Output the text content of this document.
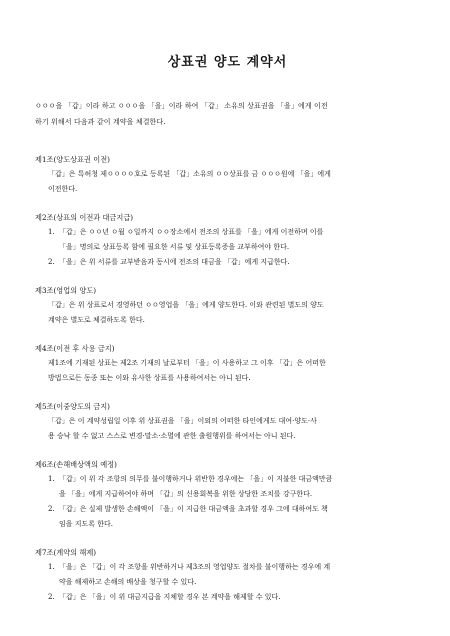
상표권 양도 계약서

ㅇㅇㅇ을 「갑」이라 하고 ㅇㅇㅇ을 「을」이라 하여 「갑」 소유의 상표권을 「을」에게 이전

하기 위해서 다음과 같이 계약을 체결한다.

제1조(양도상표권 이전)

「갑」은 특허청 제ㅇㅇㅇㅇ호로 등록된 「갑」소유의 ㅇㅇ상표를 금 ㅇㅇㅇ원에 「을」에게

이전한다.

제2조(상표의 이전과 대금지급)

1. 「갑」은 ㅇㅇ년 ㅇ월 ㅇ일까지 ㅇㅇ장소에서 전조의 상표를 「을」에게 이전하며 이를

「을」명의로 상표등록 함에 필요한 서류 및 상표등록증을 교부하여야 한다.

2. 「을」은 위 서류를 교부받음과 동시에 전조의 대금을 「갑」에게 지급한다.

제3조(영업의 양도)

「갑」은 위 상표로서 경영하던 ㅇㅇ영업을 「을」에게 양도한다. 이와 관련된 별도의 양도

계약은 별도로 체결하도록 한다.

제4조(이전 후 사용 금지)

제1조에 기재된 상표는 제2조 기재의 날로부터 「을」이 사용하고 그 이후 「갑」은 어떠한

방법으로든 동종 또는 이와 유사한 상표를 사용하여서는 아니 된다.

제5조(이중양도의 금지)

「갑」은 이 계약성립일 이후 위 상표권을 「을」이외의 어떠한 타인에게도 대여·양도·사

용 승낙 할 수 없고 스스로 변경·말소·소멸에 관한 출원행위를 하여서는 아니 된다.

제6조(손해배상액의 예정)

1. 「갑」이 위 각 조항의 의무를 불이행하거나 위반한 경우에는 「을」이 지불한 대금액만큼

을 「을」에게 지급하여야 하며 「갑」의 신용회복을 위한 상당한 조치를 강구한다.

2. 「갑」은 실제 발생한 손해액이 「을」이 지급한 대금액을 초과할 경우 그에 대하여도 책

임을 지도록 한다.

제7조(계약의 해제)

1. 「을」은 「갑」이 각 조항을 위반하거나 제3조의 영업양도 절차를 불이행하는 경우에 계

약을 해제하고 손해의 배상을 청구할 수 있다.

2. 「갑」은 「을」이 위 대금지급을 지체할 경우 본 계약을 해제할 수 있다.
